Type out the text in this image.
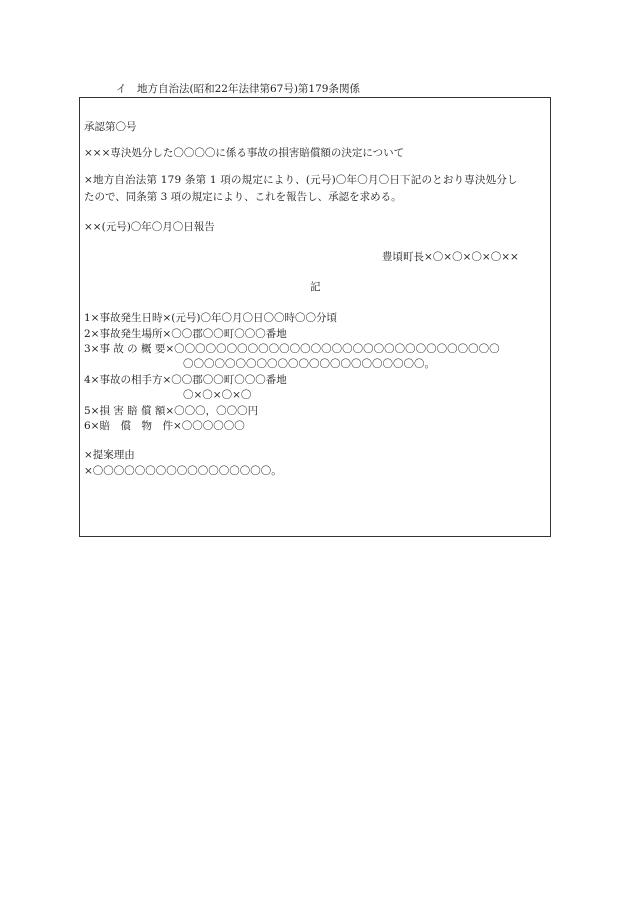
イ　地方自治法(昭和22年法律第67号)第179条関係
承認第〇号
×××専決処分した〇〇〇〇に係る事故の損害賠償額の決定について
×地方自治法第 179 条第 1 項の規定により、(元号)〇年〇月〇日下記のとおり専決処分し
たので、同条第 3 項の規定により、これを報告し、承認を求める。
××(元号)〇年〇月〇日報告
豊頃町長×〇×〇×〇×〇××
記
1×事故発生日時×(元号)〇年〇月〇日〇〇時〇〇分頃
2×事故発生場所×〇〇郡〇〇町〇〇〇番地
3×事 故 の 概 要×〇〇〇〇〇〇〇〇〇〇〇〇〇〇〇〇〇〇〇〇〇〇〇〇〇〇〇〇〇〇〇
〇〇〇〇〇〇〇〇〇〇〇〇〇〇〇〇〇〇〇〇〇〇〇。
4×事故の相手方×〇〇郡〇〇町〇〇〇番地
〇×〇×〇×〇
5×損 害 賠 償 額×〇〇〇，〇〇〇円
6×賠　償　物　件×〇〇〇〇〇〇
×提案理由
×〇〇〇〇〇〇〇〇〇〇〇〇〇〇〇〇〇。
